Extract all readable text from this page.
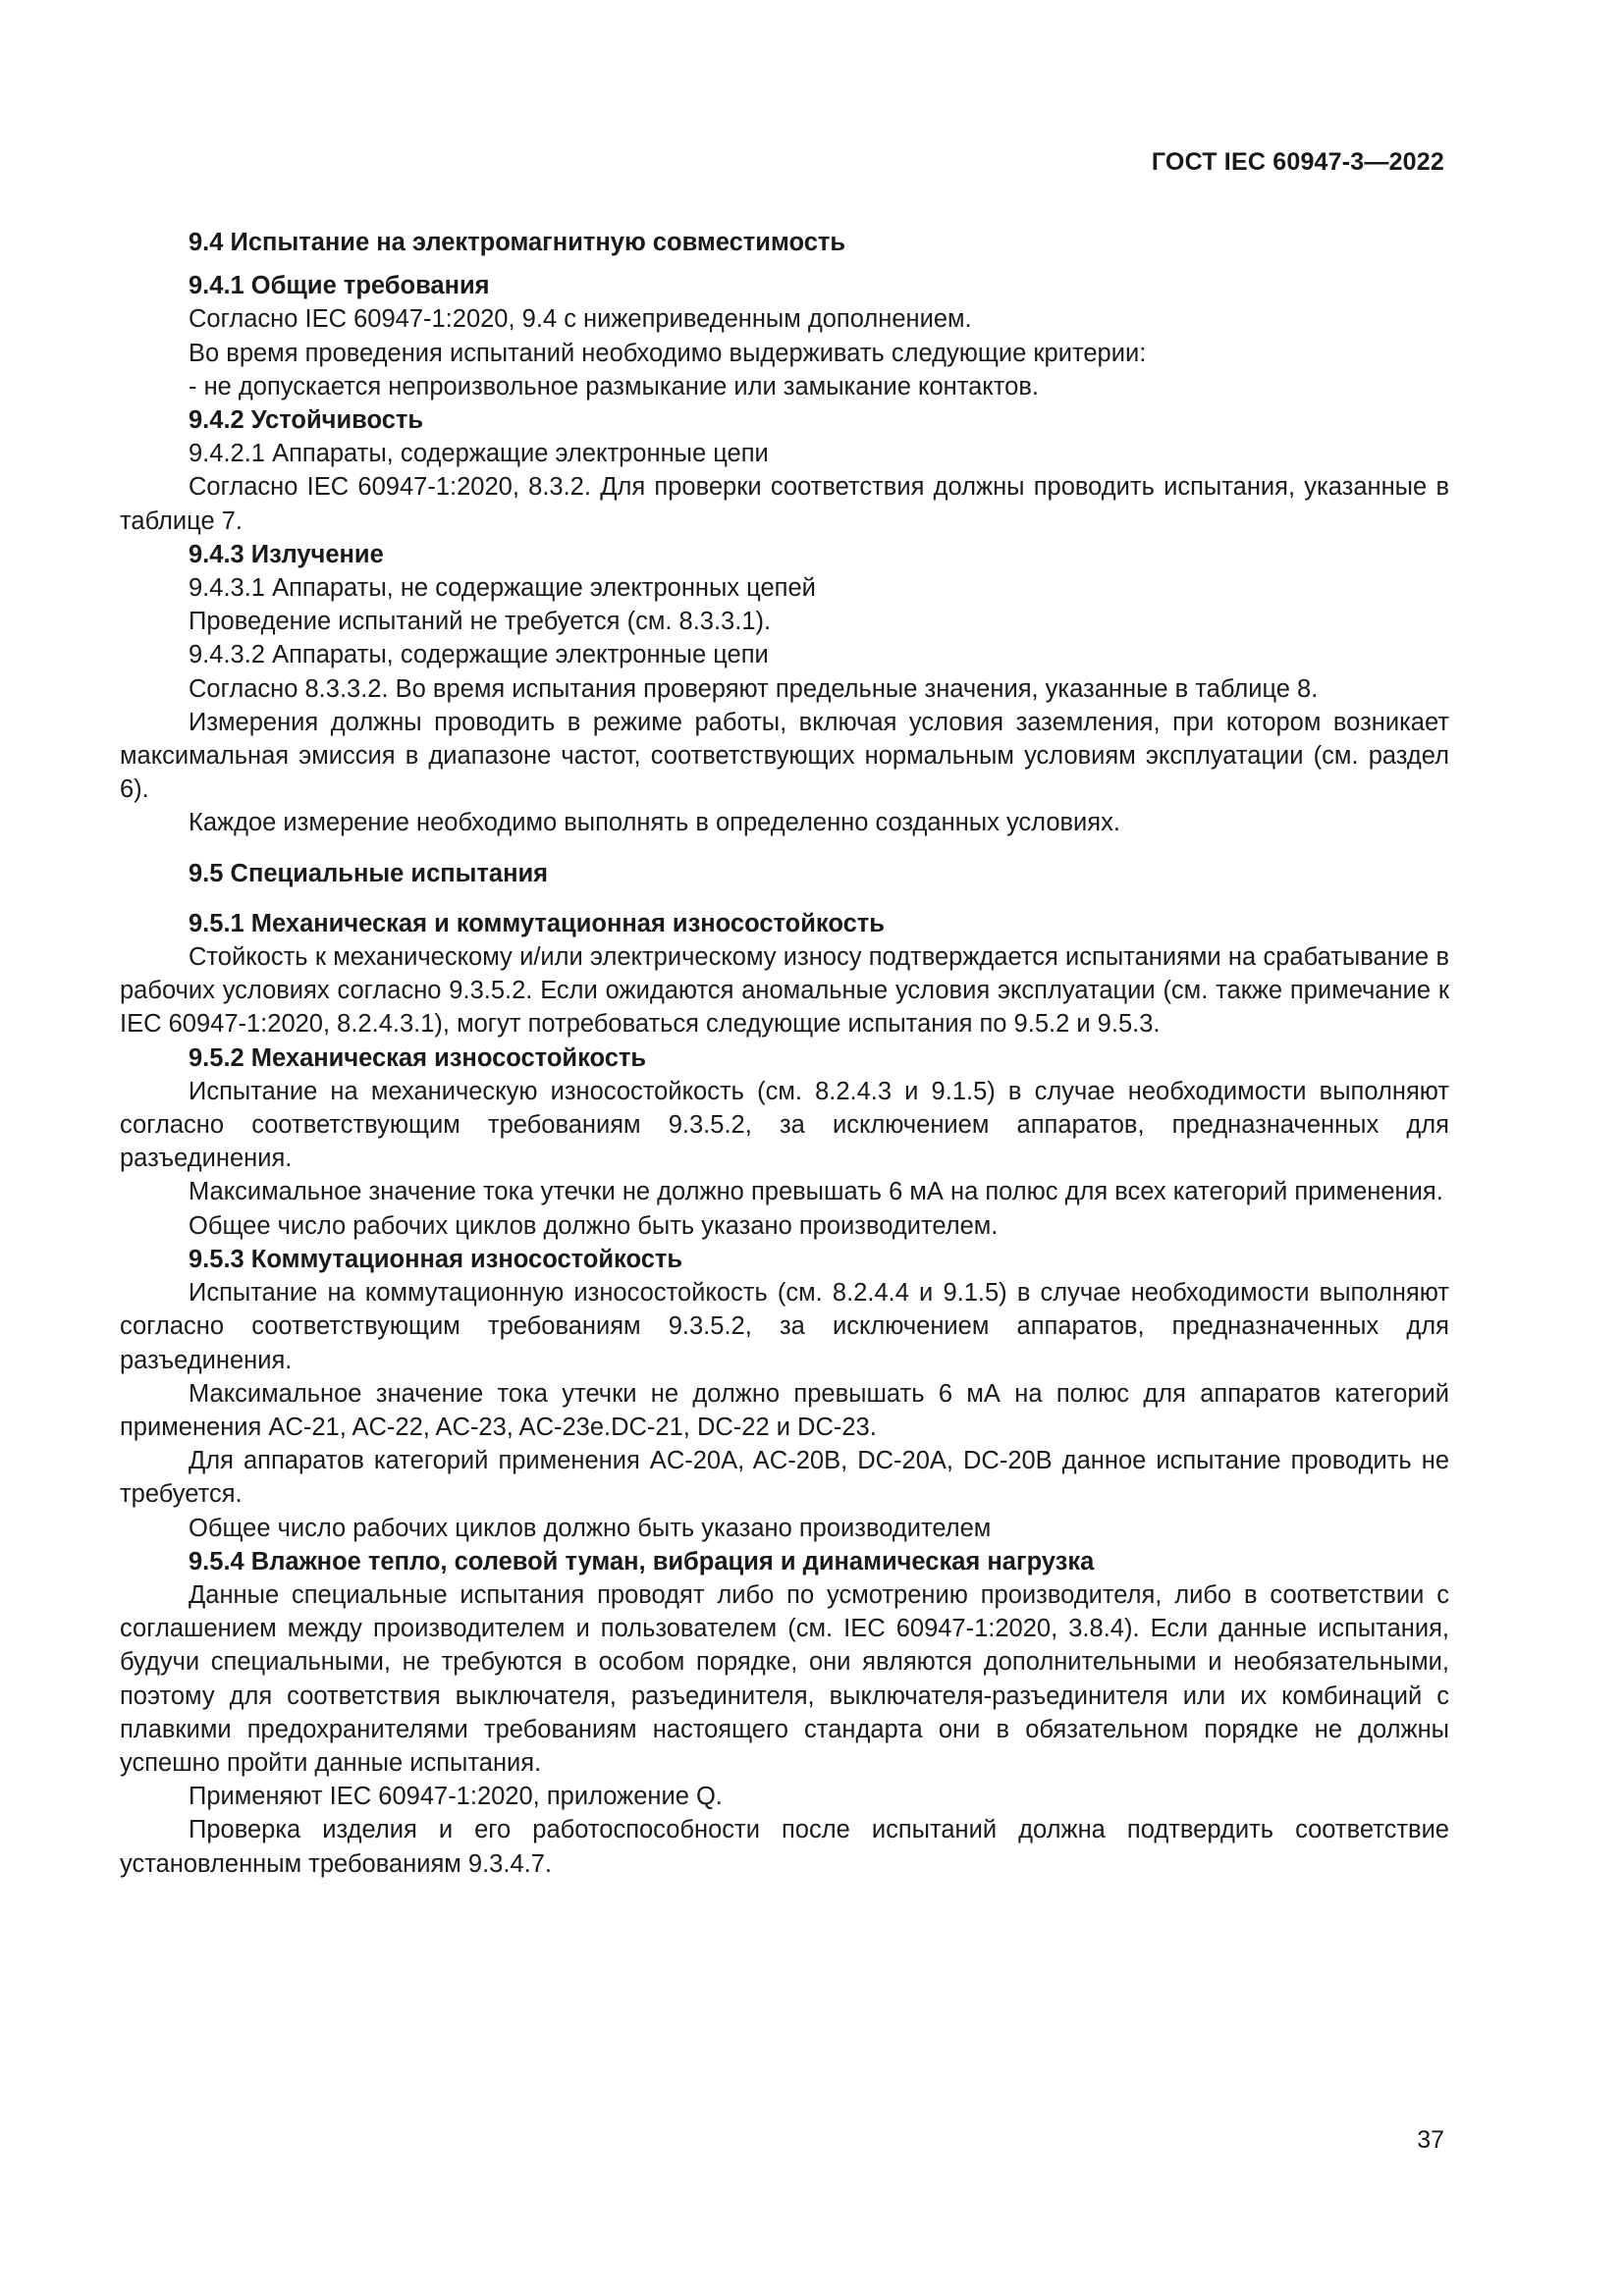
ГОСТ IEC 60947-3—2022

9.4 Испытание на электромагнитную совместимость

9.4.1 Общие требования

Согласно IEC 60947-1:2020, 9.4 с нижеприведенным дополнением.

Во время проведения испытаний необходимо выдерживать следующие критерии:

- не допускается непроизвольное размыкание или замыкание контактов.

9.4.2 Устойчивость

9.4.2.1 Аппараты, содержащие электронные цепи

Согласно IEC 60947-1:2020, 8.3.2. Для проверки соответствия должны проводить испытания, указанные в таблице 7.

9.4.3 Излучение

9.4.3.1 Аппараты, не содержащие электронных цепей

Проведение испытаний не требуется (см. 8.3.3.1).

9.4.3.2 Аппараты, содержащие электронные цепи

Согласно 8.3.3.2. Во время испытания проверяют предельные значения, указанные в таблице 8.

Измерения должны проводить в режиме работы, включая условия заземления, при котором возникает максимальная эмиссия в диапазоне частот, соответствующих нормальным условиям эксплуатации (см. раздел 6).

Каждое измерение необходимо выполнять в определенно созданных условиях.

9.5 Специальные испытания

9.5.1 Механическая и коммутационная износостойкость

Стойкость к механическому и/или электрическому износу подтверждается испытаниями на срабатывание в рабочих условиях согласно 9.3.5.2. Если ожидаются аномальные условия эксплуатации (см. также примечание к IEC 60947-1:2020, 8.2.4.3.1), могут потребоваться следующие испытания по 9.5.2 и 9.5.3.

9.5.2 Механическая износостойкость

Испытание на механическую износостойкость (см. 8.2.4.3 и 9.1.5) в случае необходимости выполняют согласно соответствующим требованиям 9.3.5.2, за исключением аппаратов, предназначенных для разъединения.

Максимальное значение тока утечки не должно превышать 6 мА на полюс для всех категорий применения.

Общее число рабочих циклов должно быть указано производителем.

9.5.3 Коммутационная износостойкость

Испытание на коммутационную износостойкость (см. 8.2.4.4 и 9.1.5) в случае необходимости выполняют согласно соответствующим требованиям 9.3.5.2, за исключением аппаратов, предназначенных для разъединения.

Максимальное значение тока утечки не должно превышать 6 мА на полюс для аппаратов категорий применения AC-21, AC-22, AC-23, AC-23e.DC-21, DC-22 и DC-23.

Для аппаратов категорий применения AC-20A, AC-20B, DC-20A, DC-20B данное испытание проводить не требуется.

Общее число рабочих циклов должно быть указано производителем

9.5.4 Влажное тепло, солевой туман, вибрация и динамическая нагрузка

Данные специальные испытания проводят либо по усмотрению производителя, либо в соответствии с соглашением между производителем и пользователем (см. IEC 60947-1:2020, 3.8.4). Если данные испытания, будучи специальными, не требуются в особом порядке, они являются дополнительными и необязательными, поэтому для соответствия выключателя, разъединителя, выключателя-разъединителя или их комбинаций с плавкими предохранителями требованиям настоящего стандарта они в обязательном порядке не должны успешно пройти данные испытания.

Применяют IEC 60947-1:2020, приложение Q.

Проверка изделия и его работоспособности после испытаний должна подтвердить соответствие установленным требованиям 9.3.4.7.

37
